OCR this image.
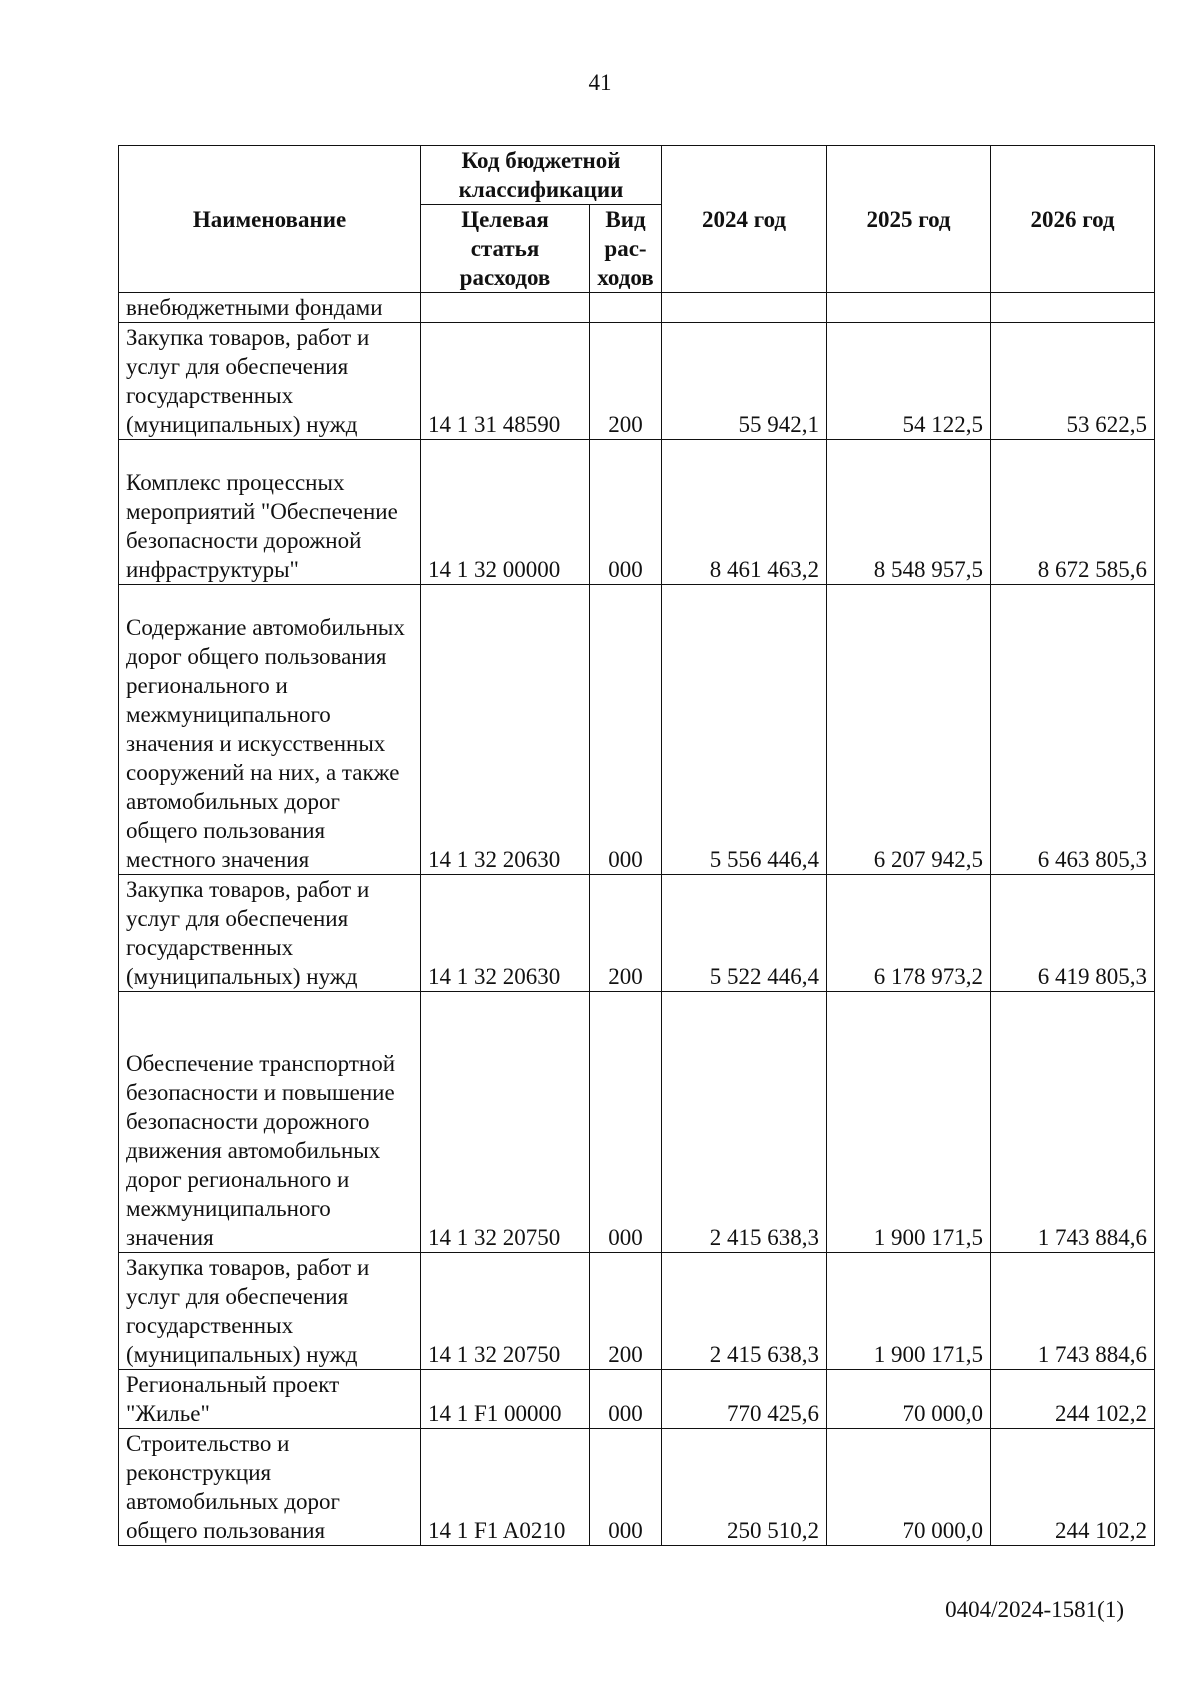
41
Наименование	Код бюджетной классификации		2024 год	2025 год	2026 год
	Целевая статья расходов	Вид рас-ходов			
внебюджетными фондами					
Закупка товаров, работ и услуг для обеспечения государственных (муниципальных) нужд	14 1 31 48590	200	55 942,1	54 122,5	53 622,5
Комплекс процессных мероприятий "Обеспечение безопасности дорожной инфраструктуры"	14 1 32 00000	000	8 461 463,2	8 548 957,5	8 672 585,6
Содержание автомобильных дорог общего пользования регионального и межмуниципального значения и искусственных сооружений на них, а также автомобильных дорог общего пользования местного значения	14 1 32 20630	000	5 556 446,4	6 207 942,5	6 463 805,3
Закупка товаров, работ и услуг для обеспечения государственных (муниципальных) нужд	14 1 32 20630	200	5 522 446,4	6 178 973,2	6 419 805,3
Обеспечение транспортной безопасности и повышение безопасности дорожного движения автомобильных дорог регионального и межмуниципального значения	14 1 32 20750	000	2 415 638,3	1 900 171,5	1 743 884,6
Закупка товаров, работ и услуг для обеспечения государственных (муниципальных) нужд	14 1 32 20750	200	2 415 638,3	1 900 171,5	1 743 884,6
Региональный проект "Жилье"	14 1 F1 00000	000	770 425,6	70 000,0	244 102,2
Строительство и реконструкция автомобильных дорог общего пользования	14 1 F1 A0210	000	250 510,2	70 000,0	244 102,2
0404/2024-1581(1)
